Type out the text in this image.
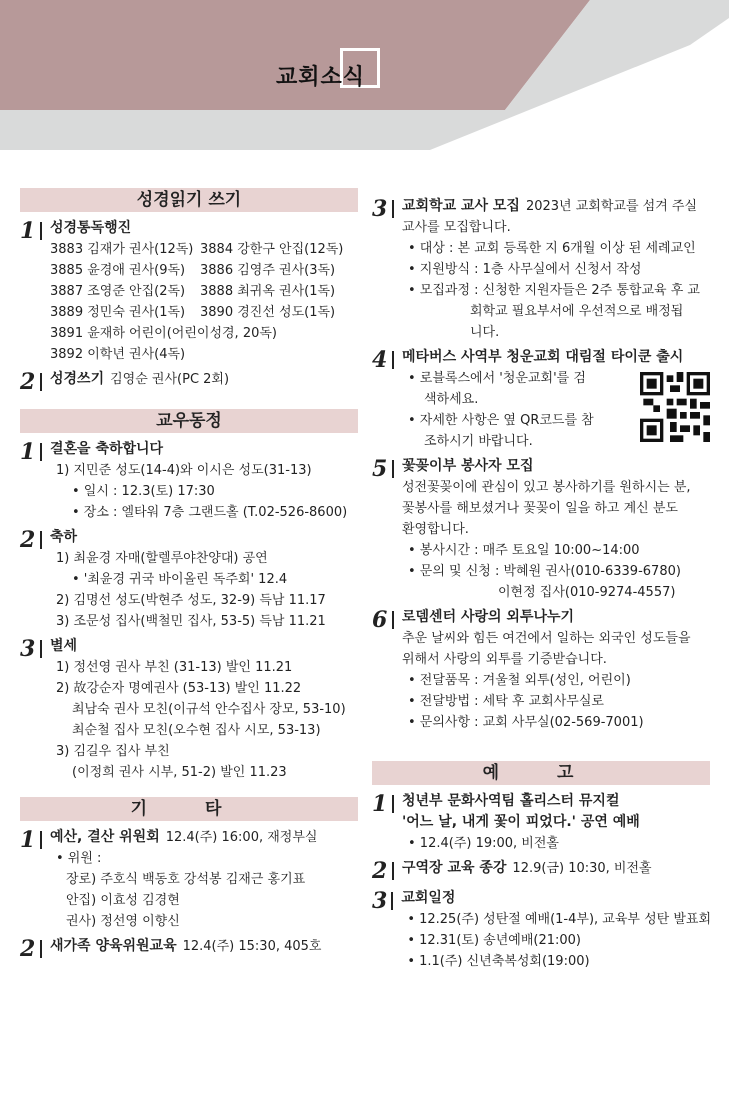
교회소식
성경읽기 쓰기
1 성경통독행진
3883 김재가 권사(12독) 3884 강한구 안집(12독)
3885 윤경애 권사(9독)	3886 김영주 권사(3독)
3887 조영준 안집(2독)	3888 최귀옥 권사(1독)
3889 정민숙 권사(1독)	3890 경진선 성도(1독)
3891 윤재하 어린이(어린이성경, 20독)
3892 이학년 권사(4독)
2 성경쓰기 김영순 권사(PC 2회)
교우동정
1 결혼을 축하합니다
1) 지민준 성도(14-4)와 이시은 성도(31-13)
• 일시 : 12.3(토) 17:30
• 장소 : 엘타워 7층 그랜드홀 (T.02-526-8600)
2 축하
1) 최윤경 자매(할렐루야찬양대) 공연
• '최윤경 귀국 바이올린 독주회' 12.4
2) 김명선 성도(박현주 성도, 32-9) 득남 11.17
3) 조문성 집사(백철민 집사, 53-5) 득남 11.21
3 별세
1) 정선영 권사 부친 (31-13) 발인 11.21
2) 故강순자 명예권사 (53-13) 발인 11.22
최남숙 권사 모친(이규석 안수집사 장모, 53-10)
최순철 집사 모친(오수현 집사 시모, 53-13)
3) 김길우 집사 부친
(이정희 권사 시부, 51-2) 발인 11.23
기 타
1 예산, 결산 위원회 12.4(주) 16:00, 재정부실
• 위원 :
장로) 주호식 백동호 강석봉 김재근 홍기표
안집) 이효성 김경현
권사) 정선영 이향신
2 새가족 양육위원교육 12.4(주) 15:30, 405호
3 교회학교 교사 모집 2023년 교회학교를 섬겨 주실
교사를 모집합니다.
• 대상 : 본 교회 등록한 지 6개월 이상 된 세례교인
• 지원방식 : 1층 사무실에서 신청서 작성
• 모집과정 : 신청한 지원자들은 2주 통합교육 후 교
회학교 필요부서에 우선적으로 배정됩
니다.
4 메타버스 사역부 청운교회 대림절 타이쿤 출시
• 로블록스에서 '청운교회'를 검
색하세요.
• 자세한 사항은 옆 QR코드를 참
조하시기 바랍니다.
5 꽃꽂이부 봉사자 모집
성전꽃꽂이에 관심이 있고 봉사하기를 원하시는 분,
꽃봉사를 해보셨거나 꽃꽂이 일을 하고 계신 분도
환영합니다.
• 봉사시간 : 매주 토요일 10:00~14:00
• 문의 및 신청 : 박혜원 권사(010-6339-6780)
이현정 집사(010-9274-4557)
6 로뎀센터 사랑의 외투나누기
추운 날씨와 힘든 여건에서 일하는 외국인 성도들을
위해서 사랑의 외투를 기증받습니다.
• 전달품목 : 겨울철 외투(성인, 어린이)
• 전달방법 : 세탁 후 교회사무실로
• 문의사항 : 교회 사무실(02-569-7001)
예 고
1 청년부 문화사역팀 홀리스터 뮤지컬
'어느 날, 내게 꽃이 피었다.' 공연 예배
• 12.4(주) 19:00, 비전홀
2 구역장 교육 종강 12.9(금) 10:30, 비전홀
3 교회일정
• 12.25(주) 성탄절 예배(1-4부), 교육부 성탄 발표회
• 12.31(토) 송년예배(21:00)
• 1.1(주) 신년축복성회(19:00)
